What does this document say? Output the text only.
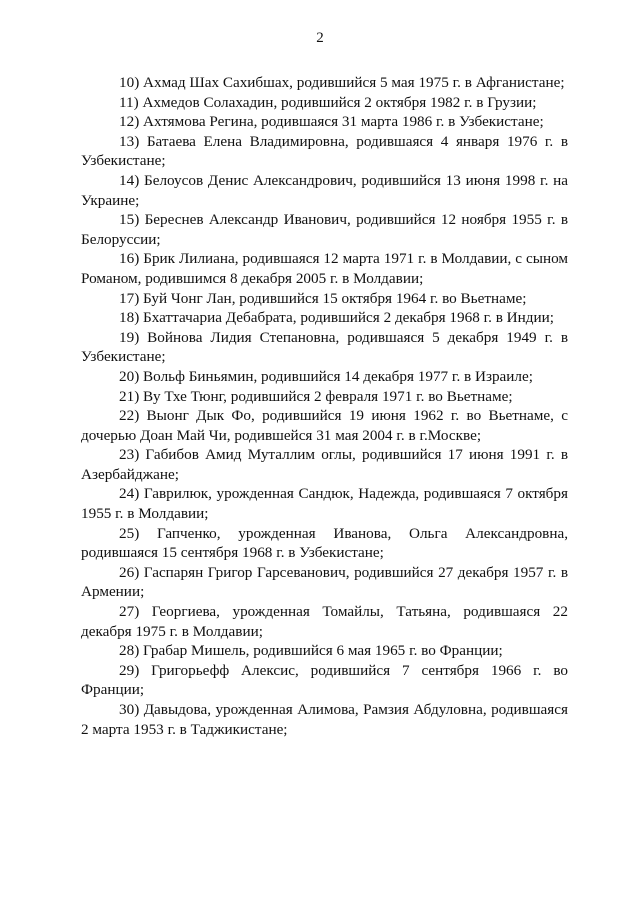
2

10) Ахмад Шах Сахибшах, родившийся 5 мая 1975 г. в Афганистане;

11) Ахмедов Солахадин, родившийся 2 октября 1982 г. в Грузии;

12) Ахтямова Регина, родившаяся 31 марта 1986 г. в Узбекистане;

13) Батаева Елена Владимировна, родившаяся 4 января 1976 г. в Узбекистане;

14) Белоусов Денис Александрович, родившийся 13 июня 1998 г. на Украине;

15) Береснев Александр Иванович, родившийся 12 ноября 1955 г. в Белоруссии;

16) Брик Лилиана, родившаяся 12 марта 1971 г. в Молдавии, с сыном Романом, родившимся 8 декабря 2005 г. в Молдавии;

17) Буй Чонг Лан, родившийся 15 октября 1964 г. во Вьетнаме;

18) Бхаттачариа Дебабрата, родившийся 2 декабря 1968 г. в Индии;

19) Войнова Лидия Степановна, родившаяся 5 декабря 1949 г. в Узбекистане;

20) Вольф Биньямин, родившийся 14 декабря 1977 г. в Израиле;

21) Ву Тхе Тюнг, родившийся 2 февраля 1971 г. во Вьетнаме;

22) Выонг Дык Фо, родившийся 19 июня 1962 г. во Вьетнаме, с дочерью Доан Май Чи, родившейся 31 мая 2004 г. в г.Москве;

23) Габибов Амид Муталлим оглы, родившийся 17 июня 1991 г. в Азербайджане;

24) Гаврилюк, урожденная Сандюк, Надежда, родившаяся 7 октября 1955 г. в Молдавии;

25) Гапченко, урожденная Иванова, Ольга Александровна, родившаяся 15 сентября 1968 г. в Узбекистане;

26) Гаспарян Григор Гарсеванович, родившийся 27 декабря 1957 г. в Армении;

27) Георгиева, урожденная Томайлы, Татьяна, родившаяся 22 декабря 1975 г. в Молдавии;

28) Грабар Мишель, родившийся 6 мая 1965 г. во Франции;

29) Григорьефф Алексис, родившийся 7 сентября 1966 г. во Франции;

30) Давыдова, урожденная Алимова, Рамзия Абдуловна, родившаяся 2 марта 1953 г. в Таджикистане;
